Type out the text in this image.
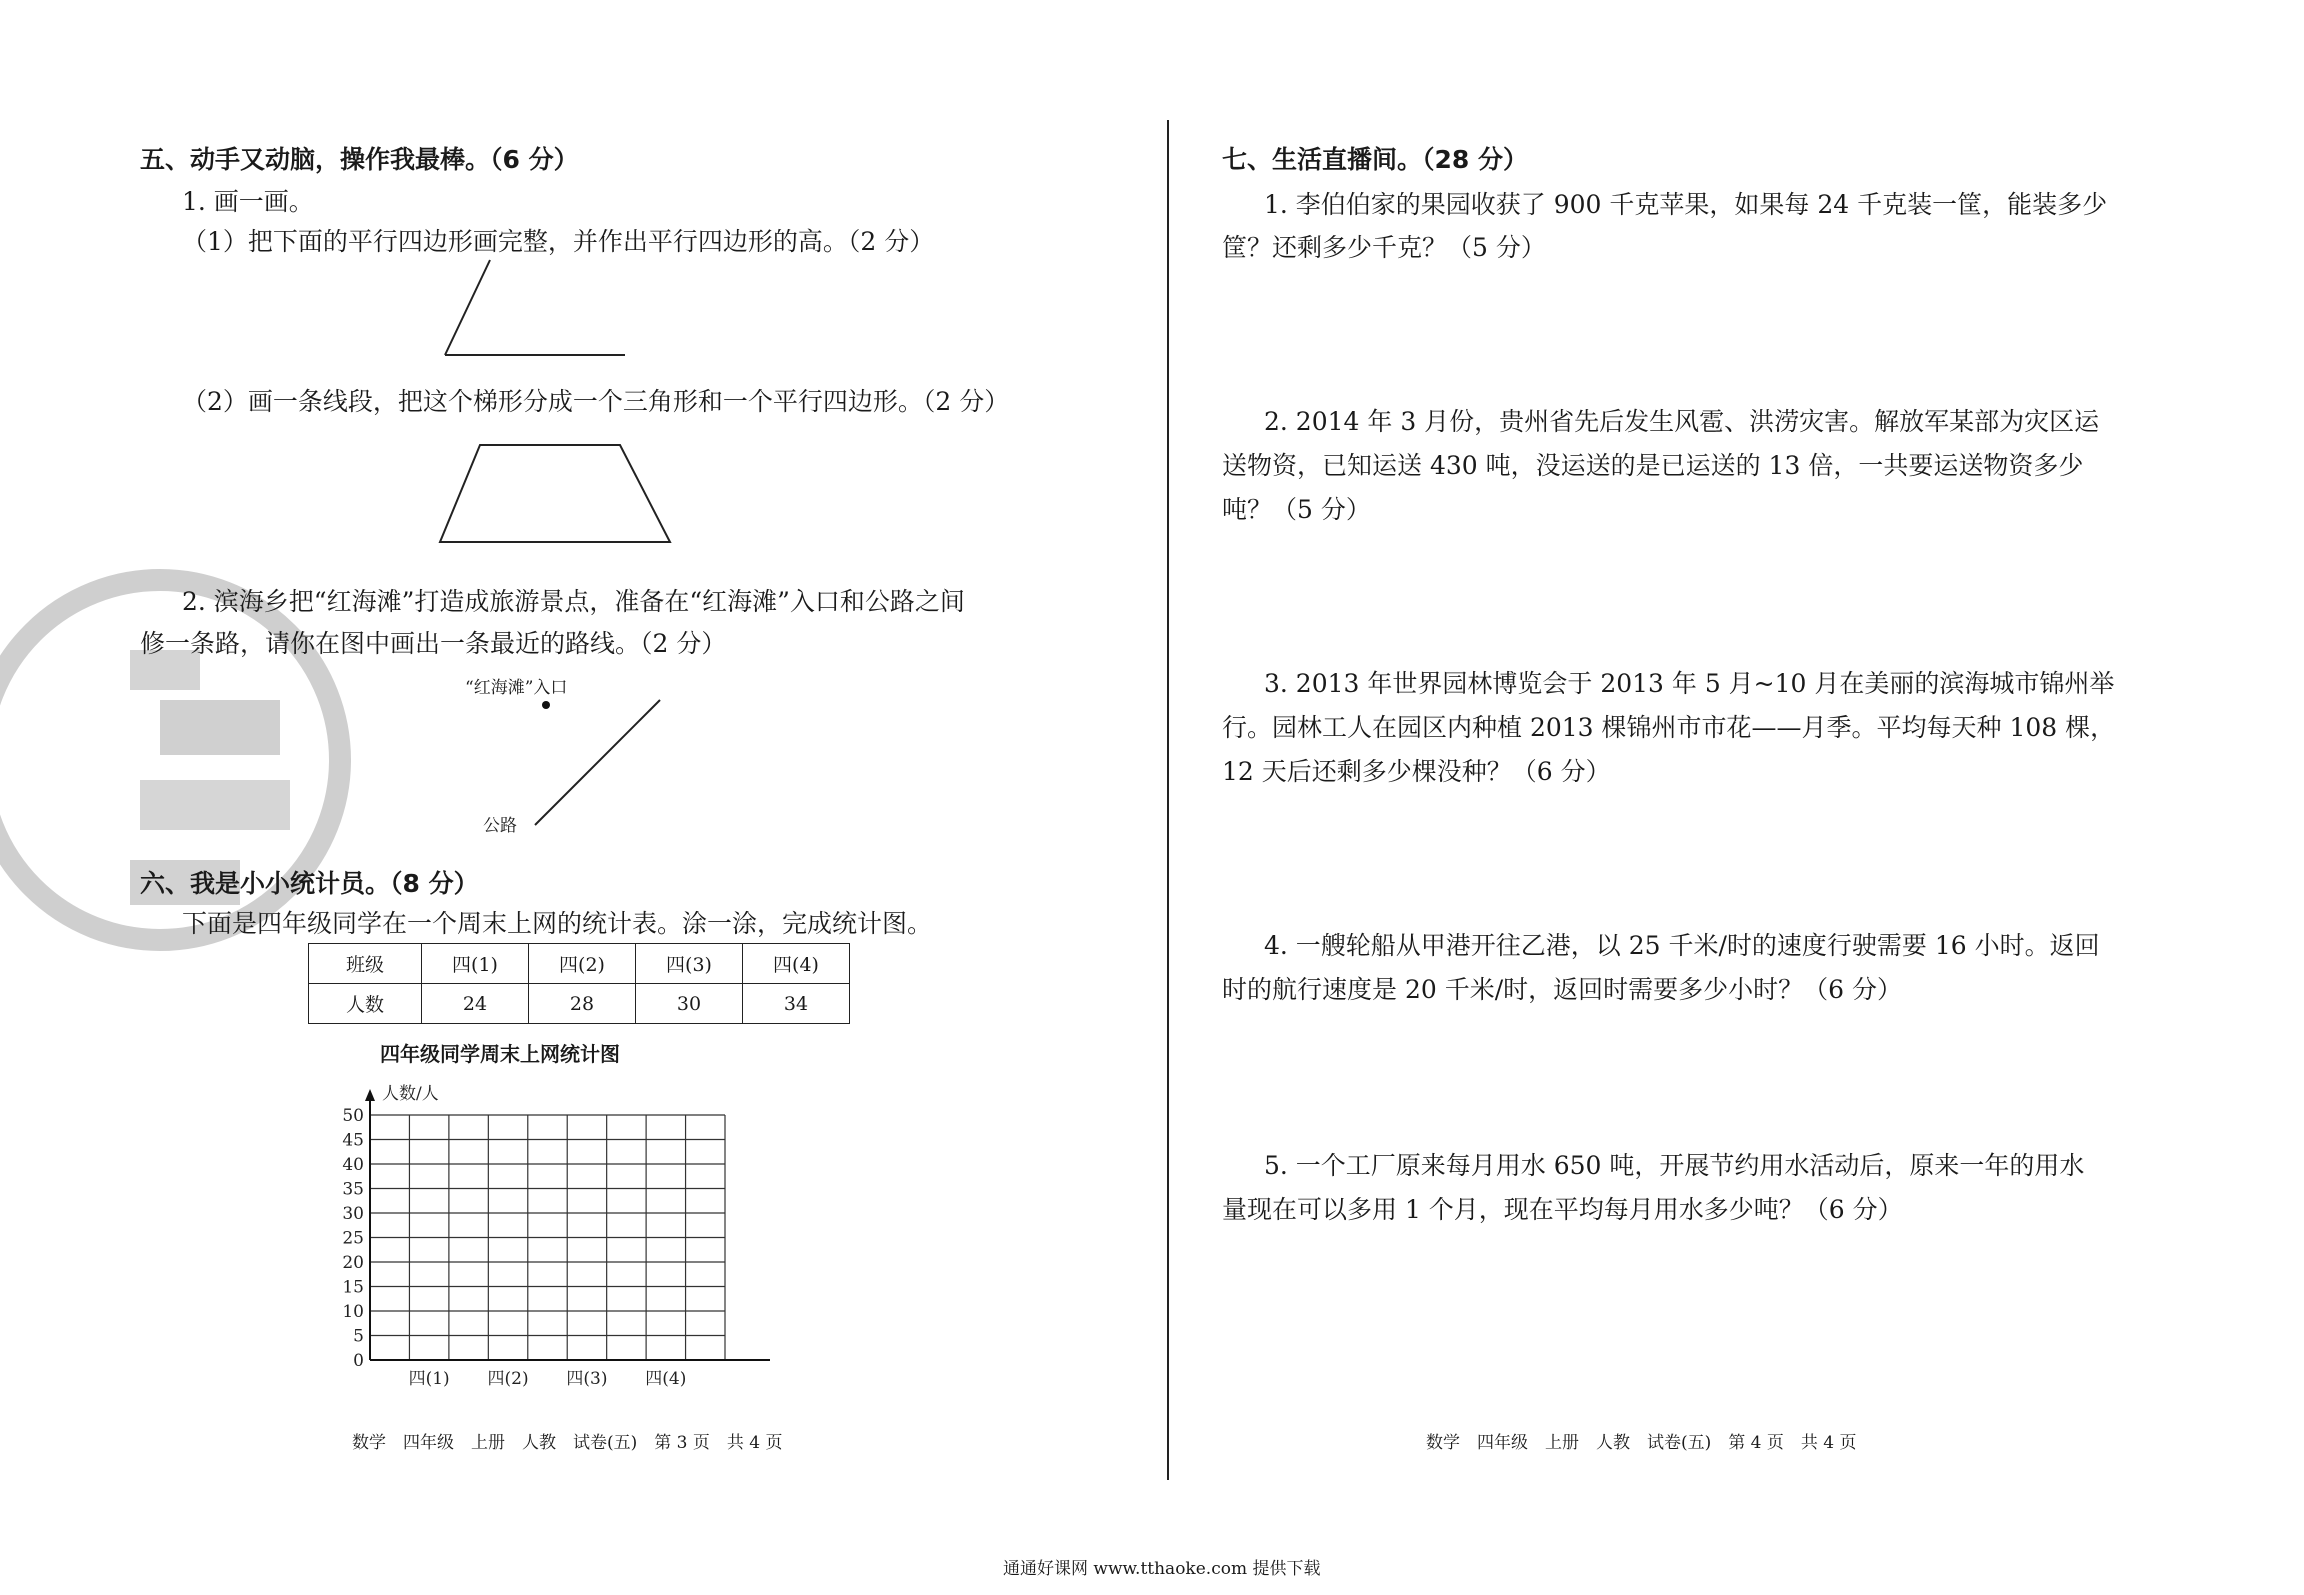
五、动手又动脑，操作我最棒。（6 分）
1. 画一画。
（1）把下面的平行四边形画完整，并作出平行四边形的高。（2 分）
（2）画一条线段，把这个梯形分成一个三角形和一个平行四边形。（2 分）
2. 滨海乡把“红海滩”打造成旅游景点，准备在“红海滩”入口和公路之间
修一条路，请你在图中画出一条最近的路线。（2 分）
“红海滩”入口
公路
六、我是小小统计员。（8 分）
下面是四年级同学在一个周末上网的统计表。涂一涂，完成统计图。
班级	四(1)	四(2)	四(3)	四(4)
人数	24	28	30	34
四年级同学周末上网统计图
0
5
10
15
20
25
30
35
40
45
50
人数/人
四(1) 四(2) 四(3) 四(4)
数学　四年级　上册　人教　试卷(五)　第 3 页　共 4 页
七、生活直播间。（28 分）
1. 李伯伯家的果园收获了 900 千克苹果，如果每 24 千克装一筐，能装多少
筐？还剩多少千克？（5 分）
2. 2014 年 3 月份，贵州省先后发生风雹、洪涝灾害。解放军某部为灾区运
送物资，已知运送 430 吨，没运送的是已运送的 13 倍，一共要运送物资多少
吨？（5 分）
3. 2013 年世界园林博览会于 2013 年 5 月~10 月在美丽的滨海城市锦州举
行。园林工人在园区内种植 2013 棵锦州市市花——月季。平均每天种 108 棵，
12 天后还剩多少棵没种？（6 分）
4. 一艘轮船从甲港开往乙港，以 25 千米/时的速度行驶需要 16 小时。返回
时的航行速度是 20 千米/时，返回时需要多少小时？（6 分）
5. 一个工厂原来每月用水 650 吨，开展节约用水活动后，原来一年的用水
量现在可以多用 1 个月，现在平均每月用水多少吨？（6 分）
数学　四年级　上册　人教　试卷(五)　第 4 页　共 4 页
通通好课网 www.tthaoke.com 提供下载
